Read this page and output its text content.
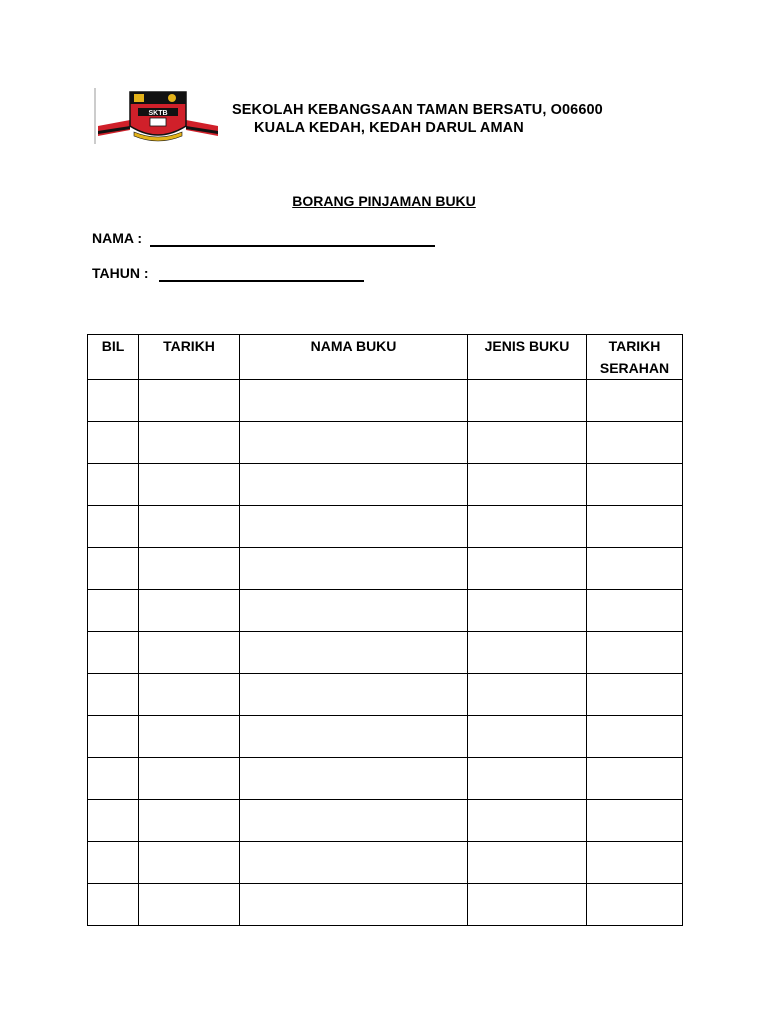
SKTB	SEKOLAH KEBANGSAAN TAMAN BERSATU, O06600
KUALA KEDAH, KEDAH DARUL AMAN
BORANG PINJAMAN BUKU
NAMA :
TAHUN :
BIL	TARIKH	NAMA BUKU	JENIS BUKU	TARIKH SERAHAN
